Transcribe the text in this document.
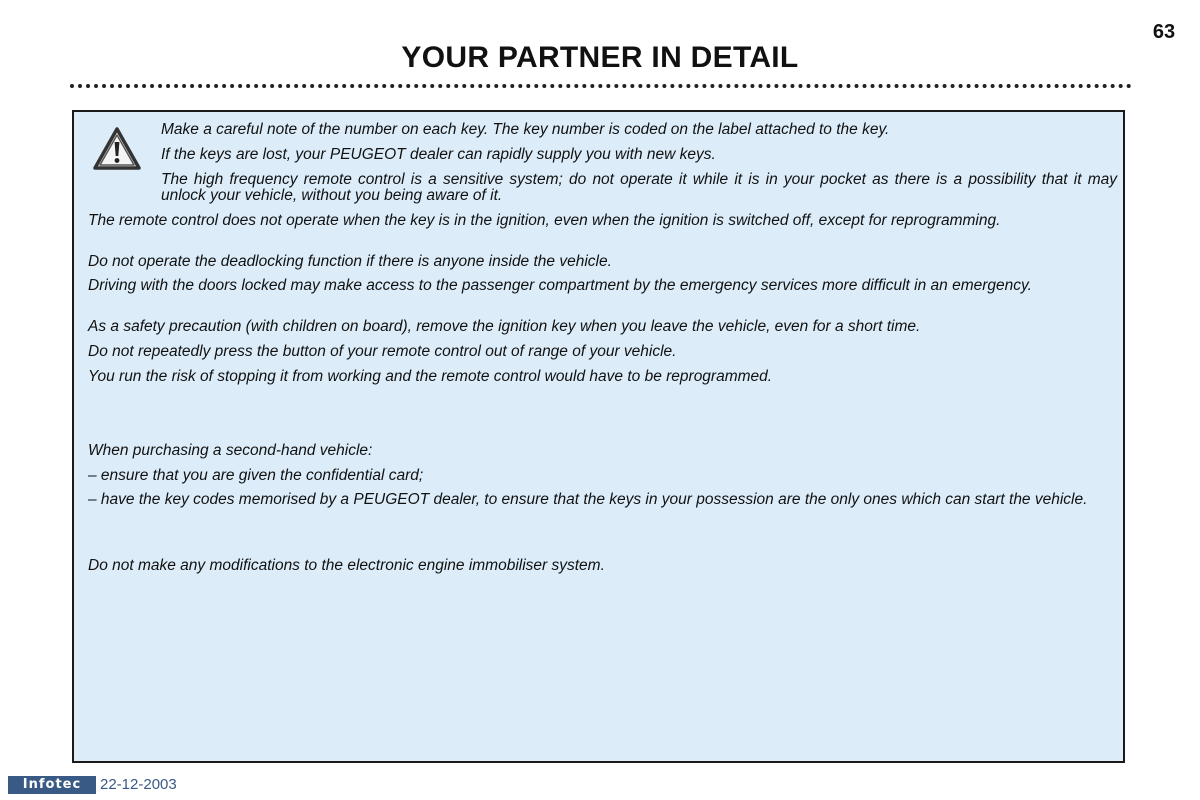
63
YOUR PARTNER IN DETAIL

Make a careful note of the number on each key. The key number is coded on the label attached to the key.

If the keys are lost, your PEUGEOT dealer can rapidly supply you with new keys.

The high frequency remote control is a sensitive system; do not operate it while it is in your pocket as there is a possibility that it may unlock your vehicle, without you being aware of it.

The remote control does not operate when the key is in the ignition, even when the ignition is switched off, except for reprogramming.

Do not operate the deadlocking function if there is anyone inside the vehicle.

Driving with the doors locked may make access to the passenger compartment by the emergency services more difficult in an emergency.

As a safety precaution (with children on board), remove the ignition key when you leave the vehicle, even for a short time.

Do not repeatedly press the button of your remote control out of range of your vehicle.

You run the risk of stopping it from working and the remote control would have to be reprogrammed.

When purchasing a second-hand vehicle:

– ensure that you are given the confidential card;

– have the key codes memorised by a PEUGEOT dealer, to ensure that the keys in your possession are the only ones which can start the vehicle.

Do not make any modifications to the electronic engine immobiliser system.

Infotec	22-12-2003
